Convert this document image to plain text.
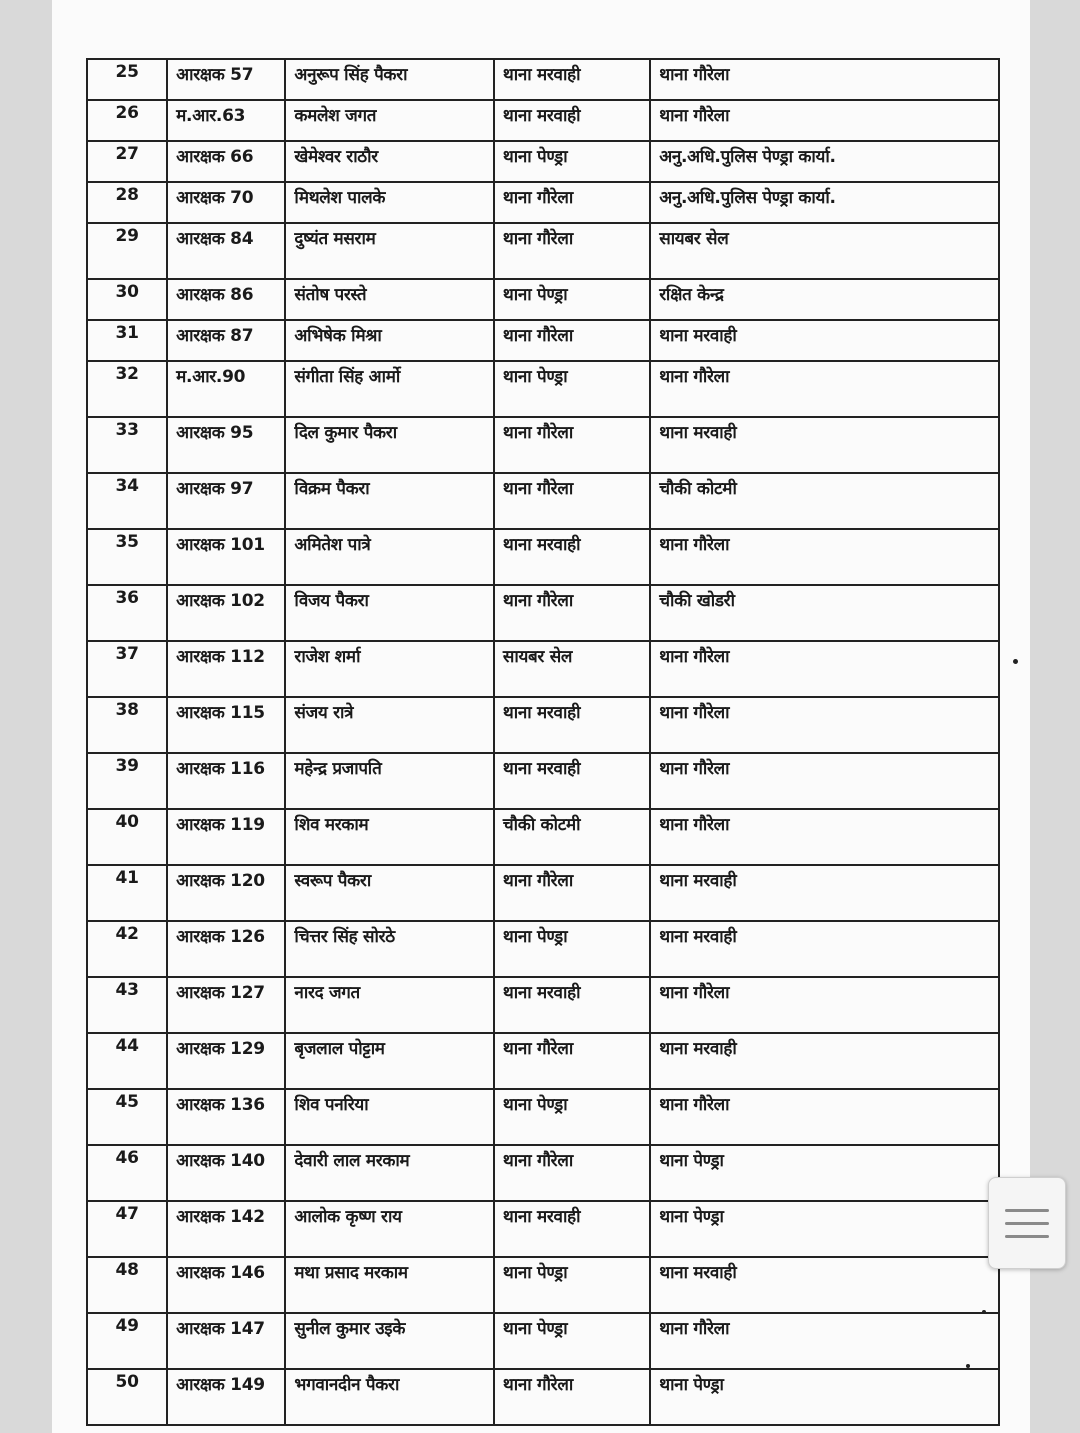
25	आरक्षक 57	अनुरूप सिंह पैकरा	थाना मरवाही	थाना गौरेला
26	म.आर.63	कमलेश जगत	थाना मरवाही	थाना गौरेला
27	आरक्षक 66	खेमेश्वर राठौर	थाना पेण्ड्रा	अनु.अधि.पुलिस पेण्ड्रा कार्या.
28	आरक्षक 70	मिथलेश पालके	थाना गौरेला	अनु.अधि.पुलिस पेण्ड्रा कार्या.
29	आरक्षक 84	दुष्यंत मसराम	थाना गौरेला	सायबर सेल
30	आरक्षक 86	संतोष परस्ते	थाना पेण्ड्रा	रक्षित केन्द्र
31	आरक्षक 87	अभिषेक मिश्रा	थाना गौरेला	थाना मरवाही
32	म.आर.90	संगीता सिंह आर्मो	थाना पेण्ड्रा	थाना गौरेला
33	आरक्षक 95	दिल कुमार पैकरा	थाना गौरेला	थाना मरवाही
34	आरक्षक 97	विक्रम पैकरा	थाना गौरेला	चौकी कोटमी
35	आरक्षक 101	अमितेश पात्रे	थाना मरवाही	थाना गौरेला
36	आरक्षक 102	विजय पैकरा	थाना गौरेला	चौकी खोडरी
37	आरक्षक 112	राजेश शर्मा	सायबर सेल	थाना गौरेला
38	आरक्षक 115	संजय रात्रे	थाना मरवाही	थाना गौरेला
39	आरक्षक 116	महेन्द्र प्रजापति	थाना मरवाही	थाना गौरेला
40	आरक्षक 119	शिव मरकाम	चौकी कोटमी	थाना गौरेला
41	आरक्षक 120	स्वरूप पैकरा	थाना गौरेला	थाना मरवाही
42	आरक्षक 126	चित्तर सिंह सोरठे	थाना पेण्ड्रा	थाना मरवाही
43	आरक्षक 127	नारद जगत	थाना मरवाही	थाना गौरेला
44	आरक्षक 129	बृजलाल पोट्टाम	थाना गौरेला	थाना मरवाही
45	आरक्षक 136	शिव पनरिया	थाना पेण्ड्रा	थाना गौरेला
46	आरक्षक 140	देवारी लाल मरकाम	थाना गौरेला	थाना पेण्ड्रा
47	आरक्षक 142	आलोक कृष्ण राय	थाना मरवाही	थाना पेण्ड्रा
48	आरक्षक 146	मथा प्रसाद मरकाम	थाना पेण्ड्रा	थाना मरवाही
49	आरक्षक 147	सुनील कुमार उइके	थाना पेण्ड्रा	थाना गौरेला
50	आरक्षक 149	भगवानदीन पैकरा	थाना गौरेला	थाना पेण्ड्रा
